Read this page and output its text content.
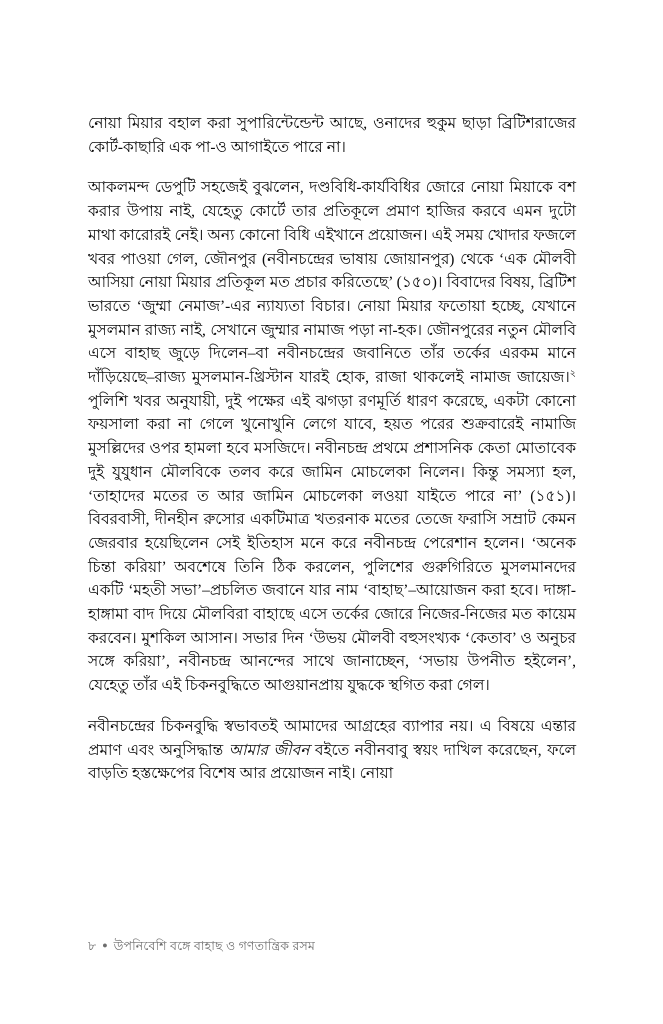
নোয়া মিয়ার বহাল করা সুপারিন্টেন্ডেন্ট আছে, ওনাদের হুকুম ছাড়া ব্রিটিশরাজের কোর্ট-কাছারি এক পা-ও আগাইতে পারে না।

আকলমন্দ ডেপুটি সহজেই বুঝলেন, দণ্ডবিধি-কার্যবিধির জোরে নোয়া মিয়াকে বশ করার উপায় নাই, যেহেতু কোর্টে তার প্রতিকূলে প্রমাণ হাজির করবে এমন দুটো মাথা কারোরই নেই। অন্য কোনো বিধি এইখানে প্রয়োজন। এই সময় খোদার ফজলে খবর পাওয়া গেল, জৌনপুর (নবীনচন্দ্রের ভাষায় জোয়ানপুর) থেকে ‘এক মৌলবী আসিয়া নোয়া মিয়ার প্রতিকূল মত প্রচার করিতেছে’ (১৫০)। বিবাদের বিষয়, ব্রিটিশ ভারতে ‘জুম্মা নেমাজ’-এর ন্যায্যতা বিচার। নোয়া মিয়ার ফতোয়া হচ্ছে, যেখানে মুসলমান রাজ্য নাই, সেখানে জুম্মার নামাজ পড়া না-হক। জৌনপুরের নতুন মৌলবি এসে বাহাছ জুড়ে দিলেন–বা নবীনচন্দ্রের জবানিতে তাঁর তর্কের এরকম মানে দাঁড়িয়েছে–রাজ্য মুসলমান-খ্রিস্টান যারই হোক, রাজা থাকলেই নামাজ জায়েজ।$^২$ পুলিশি খবর অনুযায়ী, দুই পক্ষের এই ঝগড়া রণমূর্তি ধারণ করেছে, একটা কোনো ফয়সালা করা না গেলে খুনোখুনি লেগে যাবে, হয়ত পরের শুক্রবারেই নামাজি মুসল্লিদের ওপর হামলা হবে মসজিদে। নবীনচন্দ্র প্রথমে প্রশাসনিক কেতা মোতাবেক দুই যুযুধান মৌলবিকে তলব করে জামিন মোচলেকা নিলেন। কিন্তু সমস্যা হল, ‘তাহাদের মতের ত আর জামিন মোচলেকা লওয়া যাইতে পারে না’ (১৫১)। বিবরবাসী, দীনহীন রুসোর একটিমাত্র খতরনাক মতের তেজে ফরাসি সম্রাট কেমন জেরবার হয়েছিলেন সেই ইতিহাস মনে করে নবীনচন্দ্র পেরেশান হলেন। ‘অনেক চিন্তা করিয়া’ অবশেষে তিনি ঠিক করলেন, পুলিশের গুরুগিরিতে মুসলমানদের একটি ‘মহতী সভা’–প্রচলিত জবানে যার নাম ‘বাহাছ’–আয়োজন করা হবে। দাঙ্গা-হাঙ্গামা বাদ দিয়ে মৌলবিরা বাহাছে এসে তর্কের জোরে নিজের-নিজের মত কায়েম করবেন। মুশকিল আসান। সভার দিন ‘উভয় মৌলবী বহুসংখ্যক ‘কেতাব’ ও অনুচর সঙ্গে করিয়া’, নবীনচন্দ্র আনন্দের সাথে জানাচ্ছেন, ‘সভায় উপনীত হইলেন’, যেহেতু তাঁর এই চিকনবুদ্ধিতে আগুয়ানপ্রায় যুদ্ধকে স্থগিত করা গেল।

নবীনচন্দ্রের চিকনবুদ্ধি স্বভাবতই আমাদের আগ্রহের ব্যাপার নয়। এ বিষয়ে এন্তার প্রমাণ এবং অনুসিদ্ধান্ত আমার জীবন বইতে নবীনবাবু স্বয়ং দাখিল করেছেন, ফলে বাড়তি হস্তক্ষেপের বিশেষ আর প্রয়োজন নাই। নোয়া

৮ ● উপনিবেশি বঙ্গে বাহাছ ও গণতান্ত্রিক রসম
